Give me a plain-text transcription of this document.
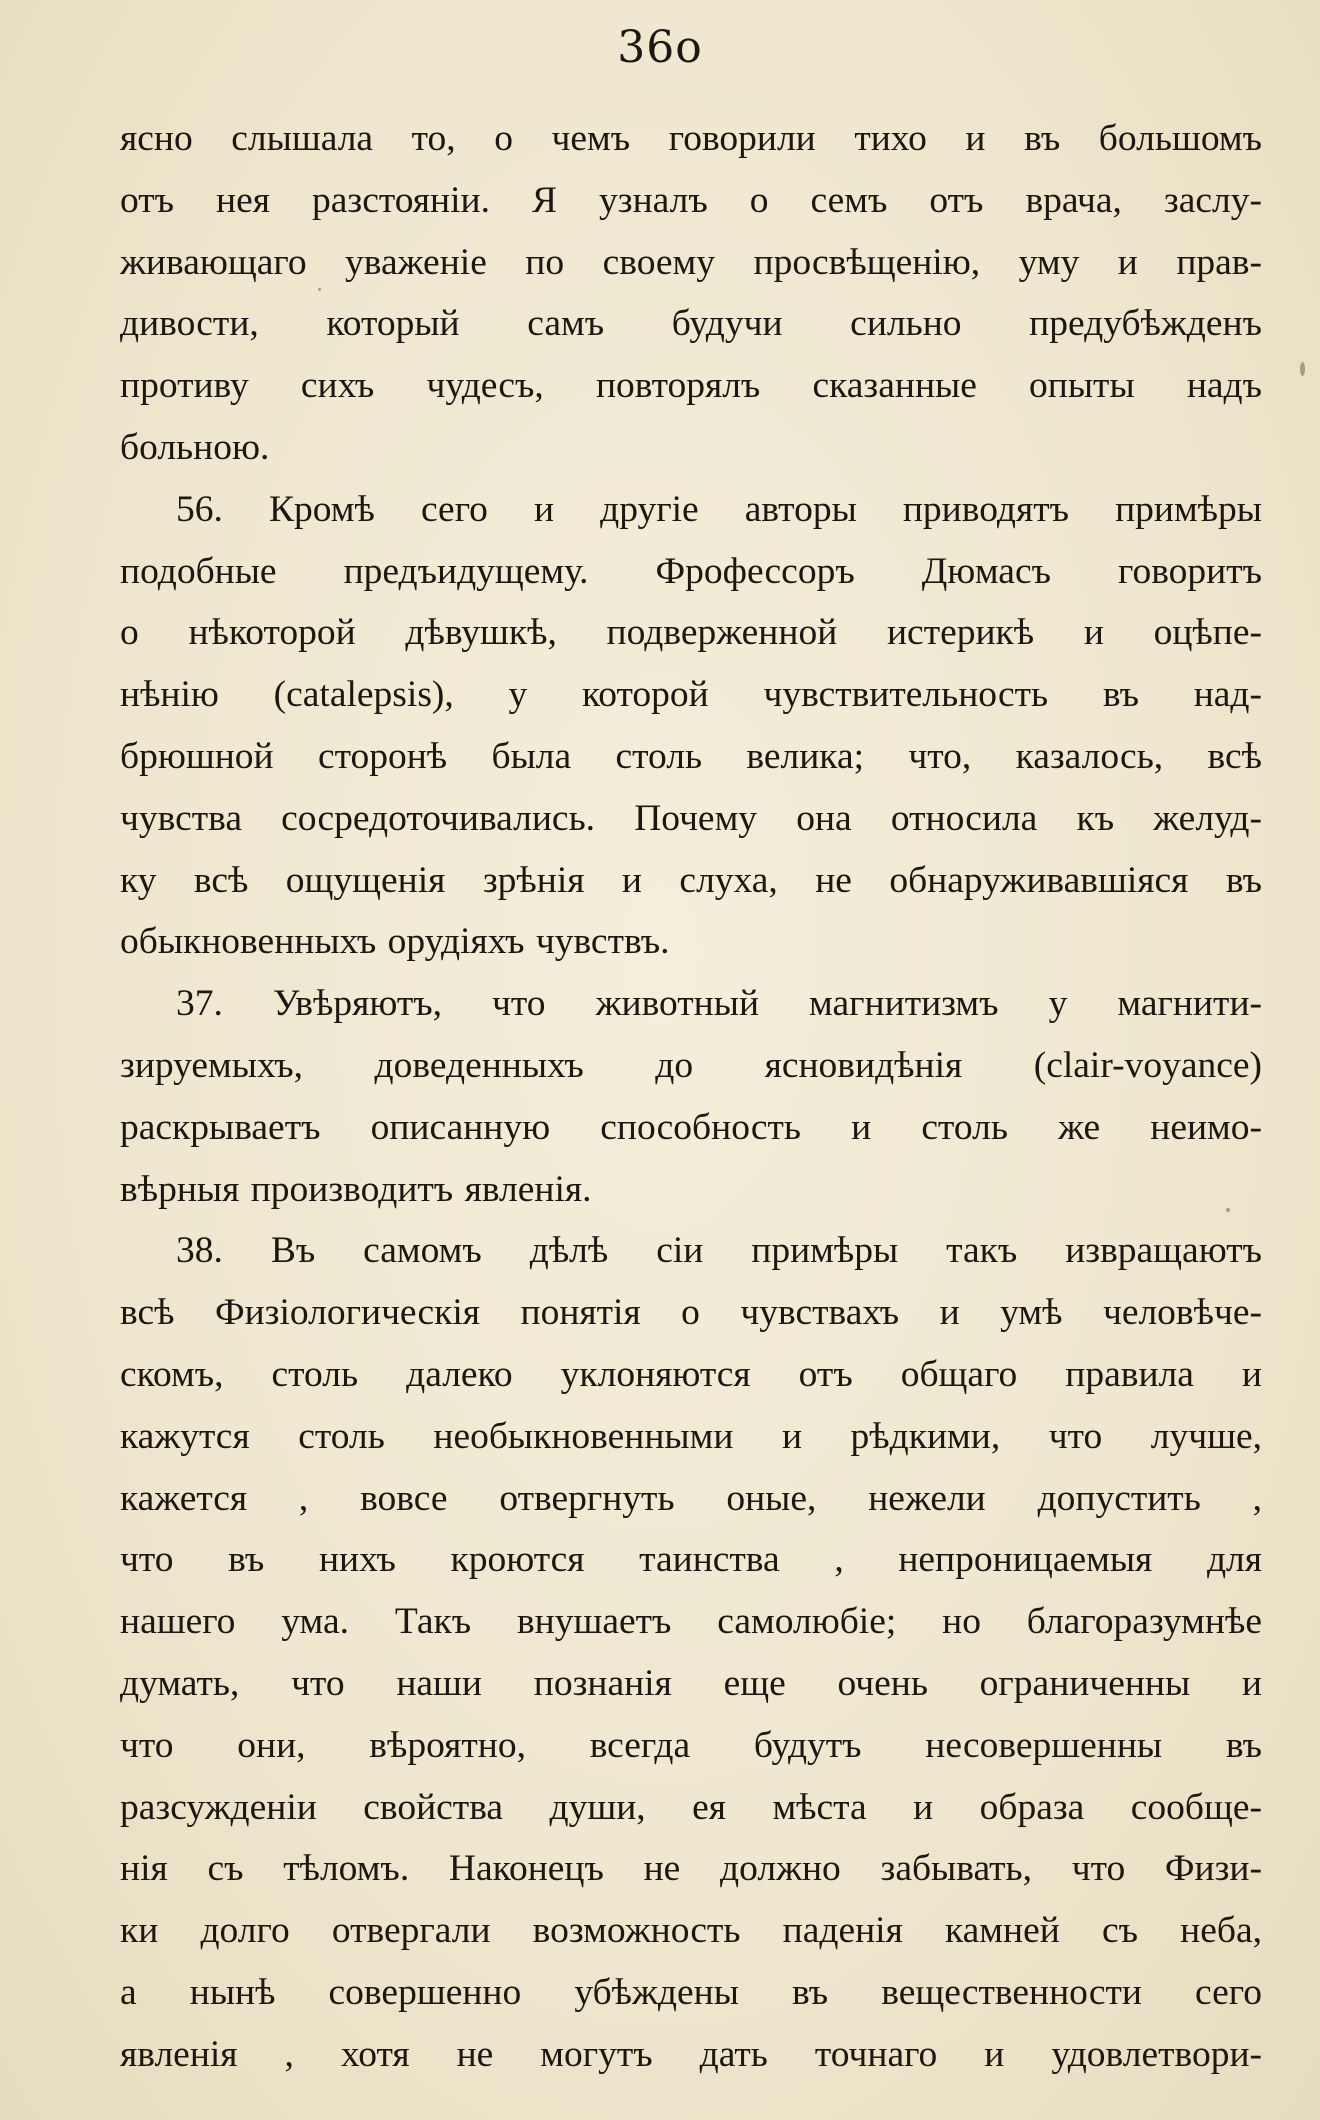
36о
ясно слышала то, о чемъ говорили тихо и въ большомъ
отъ нея разстояніи. Я узналъ о семъ отъ врача, заслу-
живающаго уваженіе по своему просвѣщенію, уму и прав-
дивости, который самъ будучи сильно предубѣжденъ
противу сихъ чудесъ, повторялъ сказанные опыты надъ
больною.
56. Кромѣ сего и другіе авторы приводятъ примѣры
подобные предъидущему. Фрофессоръ Дюмасъ говоритъ
о нѣкоторой дѣвушкѣ, подверженной истерикѣ и оцѣпе-
нѣнію (catalepsis), у которой чувствительность въ над-
брюшной сторонѣ была столь велика; что, казалось, всѣ
чувства сосредоточивались. Почему она относила къ желуд-
ку всѣ ощущенія зрѣнія и слуха, не обнаруживавшіяся въ
обыкновенныхъ орудіяхъ чувствъ.
37. Увѣряютъ, что животный магнитизмъ у магнити-
зируемыхъ, доведенныхъ до ясновидѣнія (clair-voyance)
раскрываетъ описанную способность и столь же неимо-
вѣрныя производитъ явленія.
38. Въ самомъ дѣлѣ сіи примѣры такъ извращаютъ
всѣ Физіологическія понятія о чувствахъ и умѣ человѣче-
скомъ, столь далеко уклоняются отъ общаго правила и
кажутся столь необыкновенными и рѣдкими, что лучше,
кажется , вовсе отвергнуть оные, нежели допустить ,
что въ нихъ кроются таинства , непроницаемыя для
нашего ума. Такъ внушаетъ самолюбіе; но благоразумнѣе
думать, что наши познанія еще очень ограниченны и
что они, вѣроятно, всегда будутъ несовершенны въ
разсужденіи свойства души, ея мѣста и образа сообще-
нія съ тѣломъ. Наконецъ не должно забывать, что Физи-
ки долго отвергали возможность паденія камней съ неба,
а нынѣ совершенно убѣждены въ вещественности сего
явленія , хотя не могутъ дать точнаго и удовлетвори-
